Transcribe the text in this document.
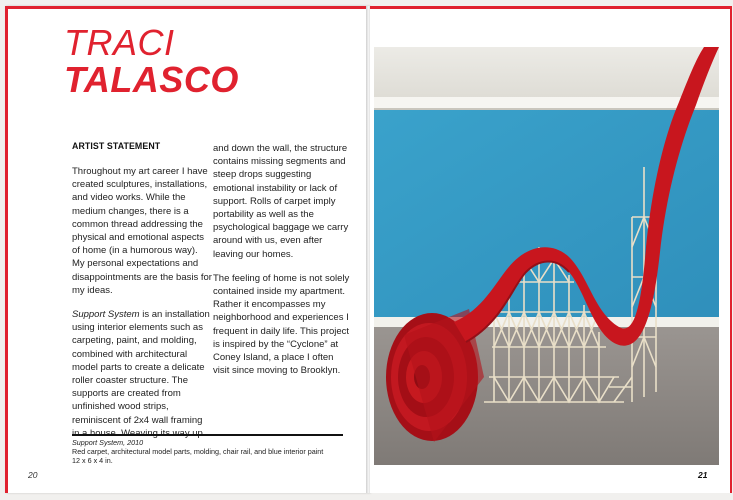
TRACI
TALASCO
ARTIST STATEMENT

Throughout my art career I have created sculptures, installations, and video works. While the medium changes, there is a common thread addressing the physical and emotional aspects of home (in a humorous way). My personal expectations and disappointments are the basis for my ideas.

Support System is an installation using interior elements such as carpeting, paint, and molding, combined with architectural model parts to create a delicate roller coaster structure. The supports are created from unfinished wood strips, reminiscent of 2x4 wall framing

and down the wall, the structure contains missing segments and steep drops suggesting emotional instability or lack of support. Rolls of carpet imply portability as well as the psychological baggage we carry around with us, even after leaving our homes.

The feeling of home is not solely contained inside my apartment. Rather it encompasses my neighborhood and experiences I frequent in daily life. This project is inspired by the “Cyclone” at Coney Island, a place I often visit since moving to Brooklyn.

Support System, 2010
Red carpet, architectural model parts, molding, chair rail, and blue interior paint
12 x 6 x 4 in.
20	21
